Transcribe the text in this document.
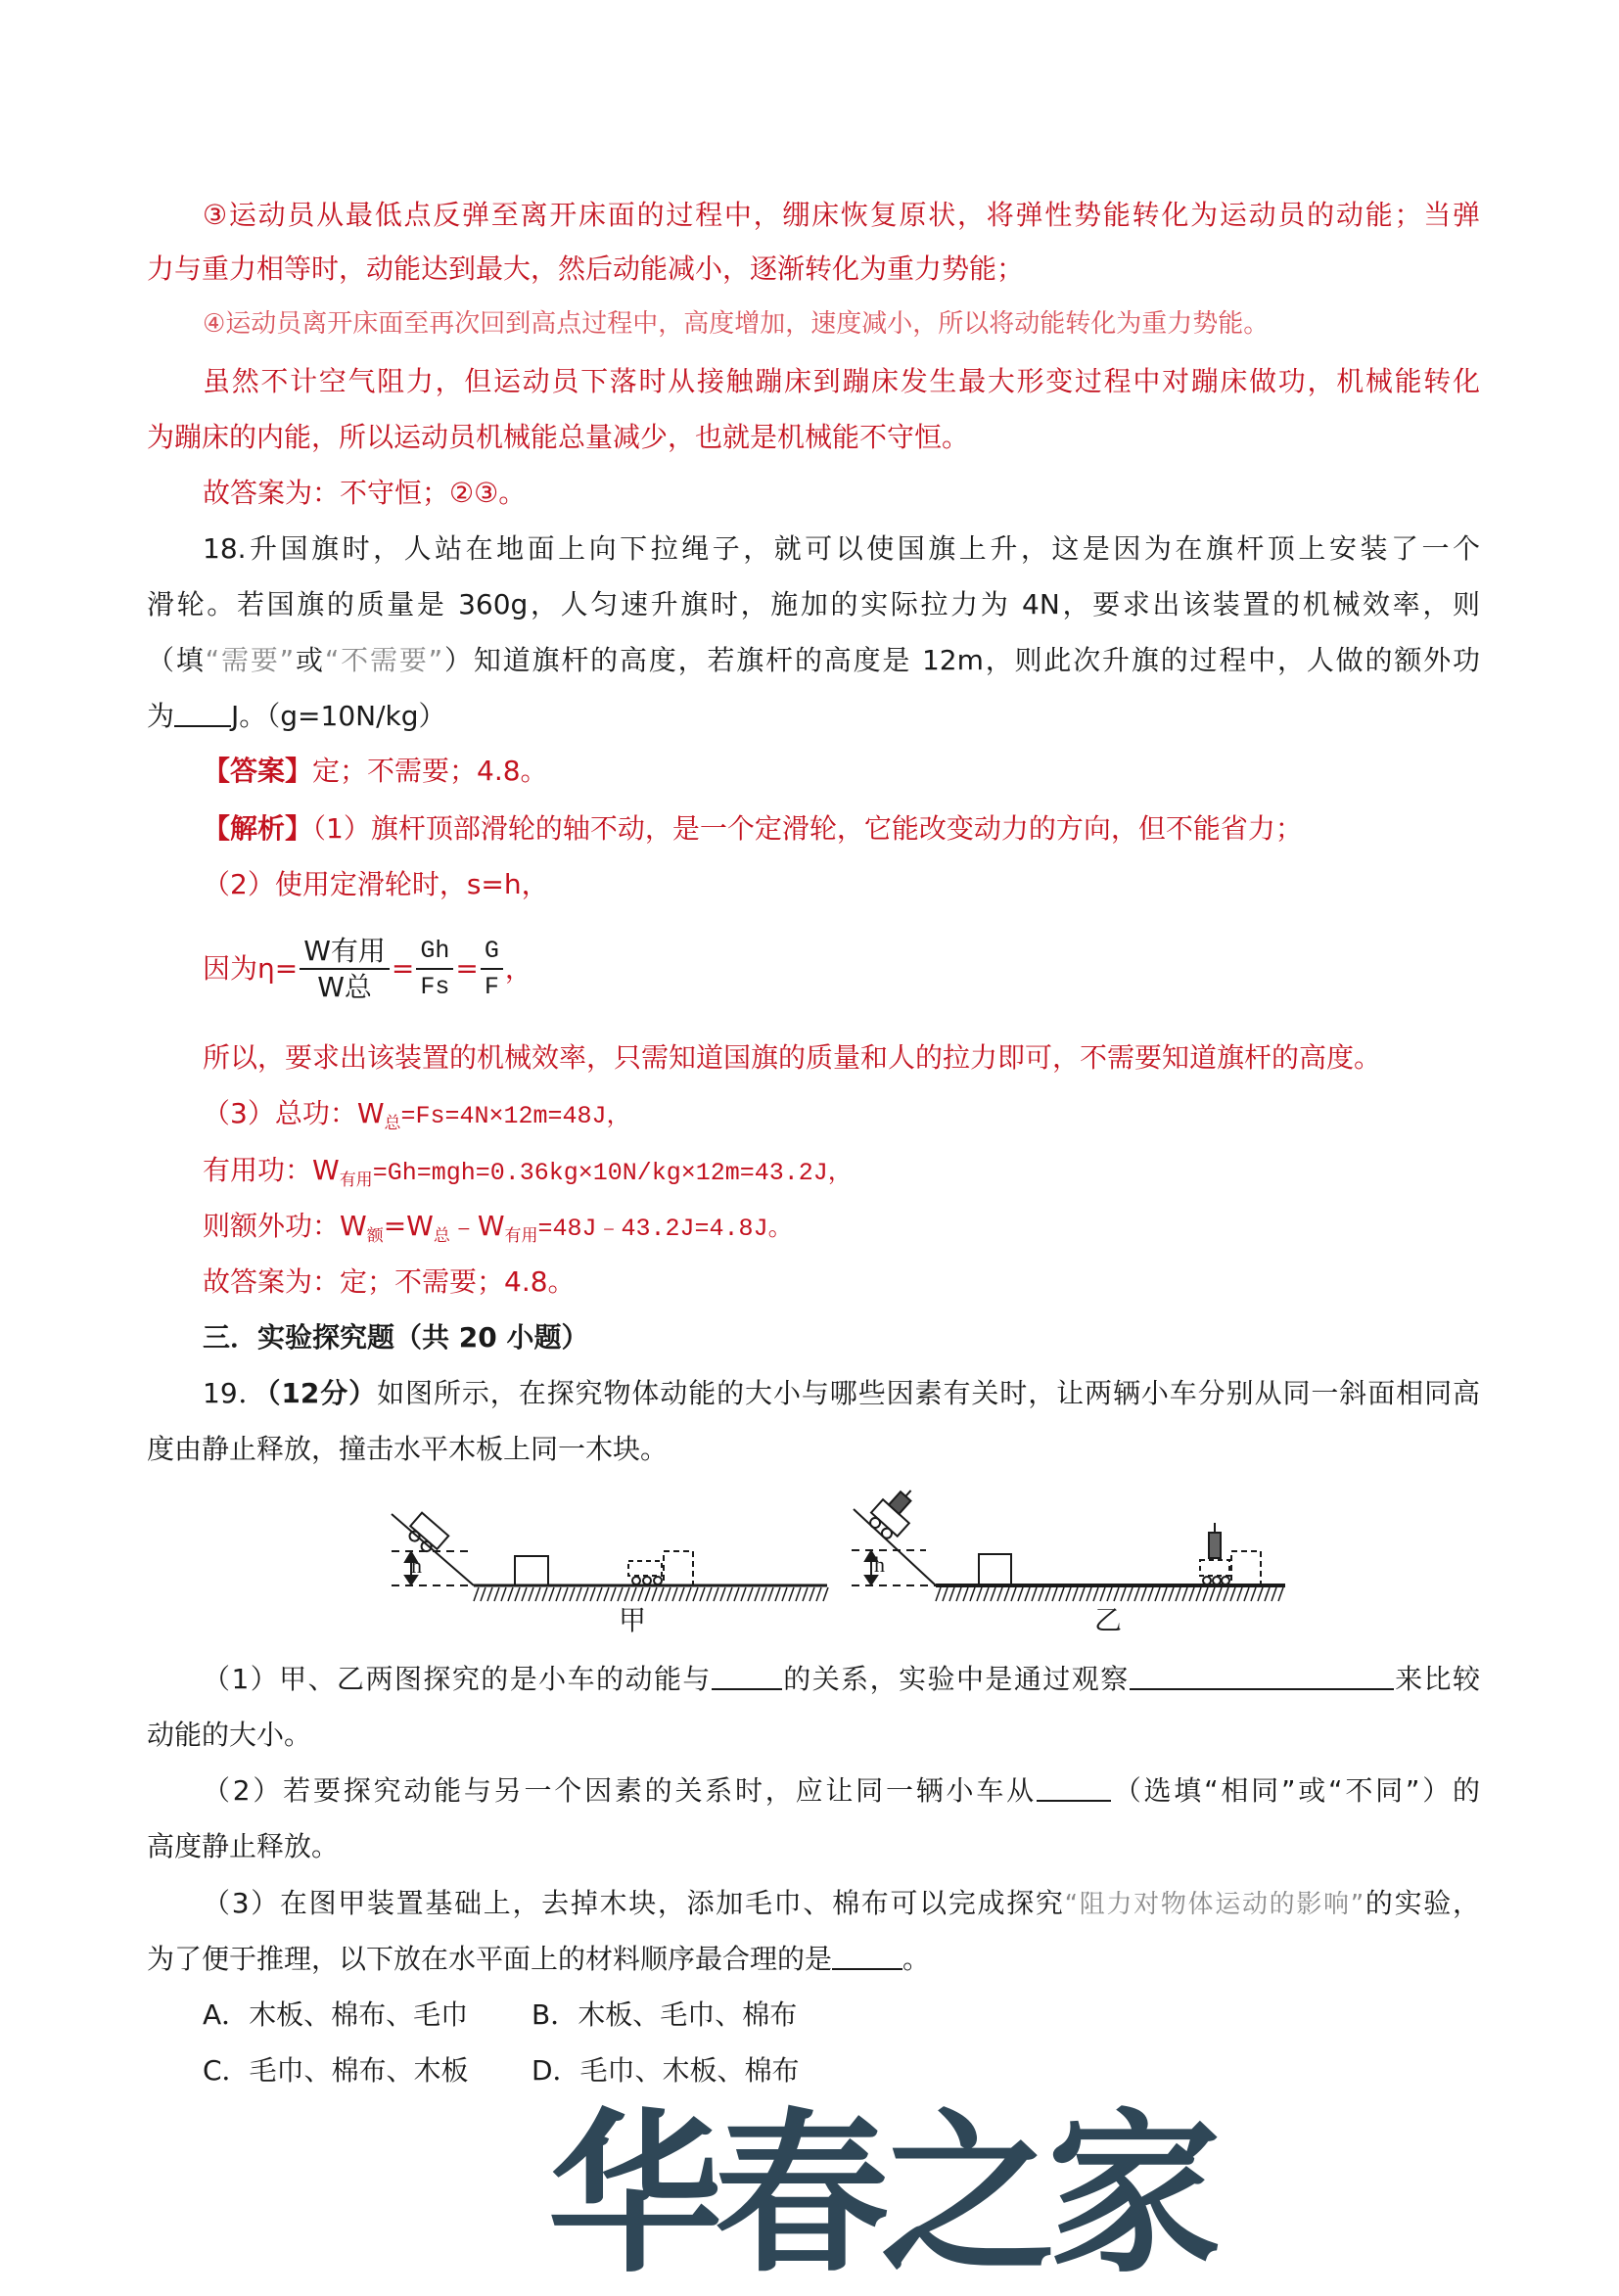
③运动员从最低点反弹至离开床面的过程中，绷床恢复原状，将弹性势能转化为运动员的动能；当弹
力与重力相等时，动能达到最大，然后动能减小，逐渐转化为重力势能；
④运动员离开床面至再次回到高点过程中，高度增加，速度减小，所以将动能转化为重力势能。
虽然不计空气阻力，但运动员下落时从接触蹦床到蹦床发生最大形变过程中对蹦床做功，机械能转化
为蹦床的内能，所以运动员机械能总量减少，也就是机械能不守恒。
故答案为：不守恒；②③。
18.升国旗时，人站在地面上向下拉绳子，就可以使国旗上升，这是因为在旗杆顶上安装了一个
滑轮。若国旗的质量是 360g，人匀速升旗时，施加的实际拉力为 4N，要求出该装置的机械效率，则
（填“需要”或“不需要”）知道旗杆的高度，若旗杆的高度是 12m，则此次升旗的过程中，人做的额外功
为 J。（g=10N/kg）
【答案】定；不需要；4.8。
【解析】（1）旗杆顶部滑轮的轴不动，是一个定滑轮，它能改变动力的方向，但不能省力；
（2）使用定滑轮时，s=h，
因为$\eta= \frac{\text{W有用}}{\text{W总}} = \frac{Gh}{Fs} = \frac{G}{F}$ ，
所以，要求出该装置的机械效率，只需知道国旗的质量和人的拉力即可，不需要知道旗杆的高度。
（3）总功：$W_总=Fs=4N\times 12m=48J$，
有用功：$W_{有用}=Gh=mgh=0.36kg\times 10N/kg\times 12m=43.2J$，
则额外功：$W_额=W_总﹣W_{有用}=48J﹣43.2J=4.8J$。
故答案为：定；不需要；4.8。
三．实验探究题（共 20 小题）
19．（12分）如图所示，在探究物体动能的大小与哪些因素有关时，让两辆小车分别从同一斜面相同高
度由静止释放，撞击水平木板上同一木块。
h	h
甲	乙
（1）甲、乙两图探究的是小车的动能与	的关系，实验中是通过观察	来比较
动能的大小。
（2）若要探究动能与另一个因素的关系时，应让同一辆小车从	（选填“相同”或“不同”）的
高度静止释放。
（3）在图甲装置基础上，去掉木块，添加毛巾、棉布可以完成探究“阻力对物体运动的影响”的实验，
为了便于推理，以下放在水平面上的材料顺序最合理的是	。
A．木板、棉布、毛巾 B．木板、毛巾、棉布
C．毛巾、棉布、木板 D．毛巾、木板、棉布
华春之家
